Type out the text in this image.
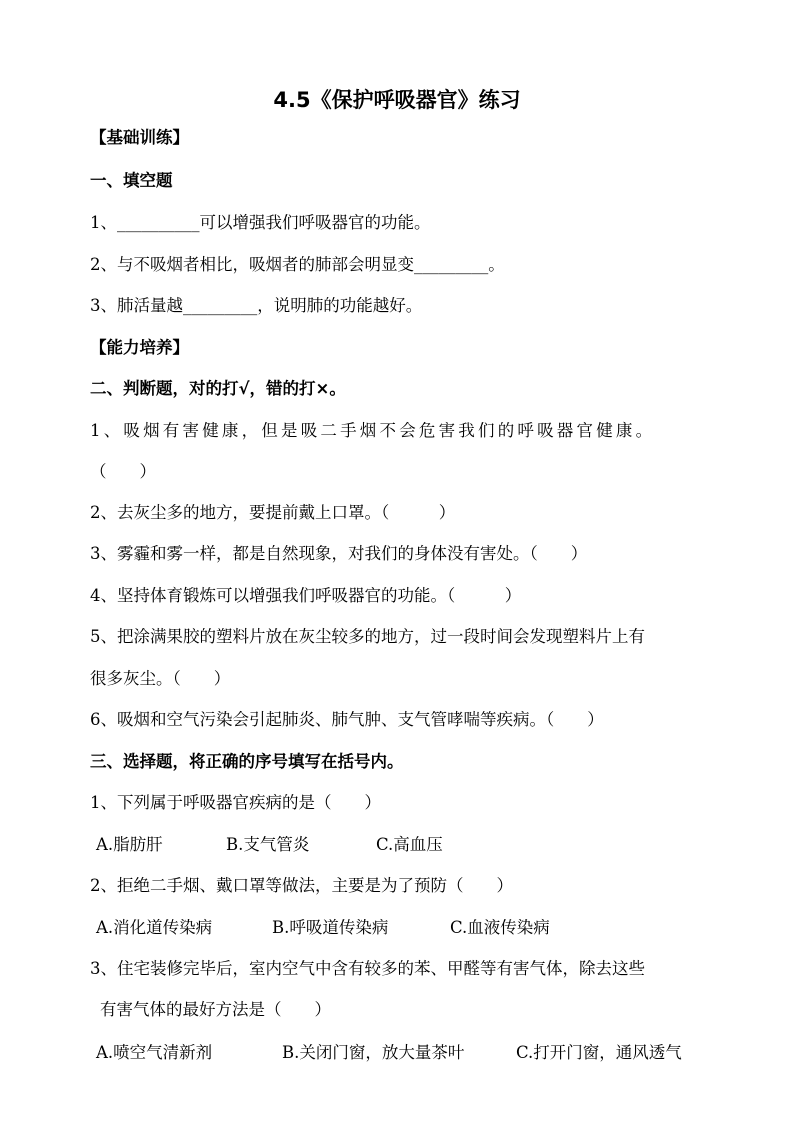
4.5《保护呼吸器官》练习
【基础训练】
一、填空题
1、__________可以增强我们呼吸器官的功能。
2、与不吸烟者相比，吸烟者的肺部会明显变_________。
3、肺活量越_________，说明肺的功能越好。
【能力培养】
二、判断题，对的打√，错的打×。
1、吸烟有害健康，但是吸二手烟不会危害我们的呼吸器官健康。
（　　）
2、去灰尘多的地方，要提前戴上口罩。（　　　）
3、雾霾和雾一样，都是自然现象，对我们的身体没有害处。（　　）
4、坚持体育锻炼可以增强我们呼吸器官的功能。（　　　）
5、把涂满果胶的塑料片放在灰尘较多的地方，过一段时间会发现塑料片上有
很多灰尘。（　　）
6、吸烟和空气污染会引起肺炎、肺气肿、支气管哮喘等疾病。（　　）
三、选择题，将正确的序号填写在括号内。
1、下列属于呼吸器官疾病的是（　　）
A.脂肪肝	B.支气管炎	C.高血压
2、拒绝二手烟、戴口罩等做法，主要是为了预防（　　）
A.消化道传染病	B.呼吸道传染病	C.血液传染病
3、住宅装修完毕后，室内空气中含有较多的苯、甲醛等有害气体，除去这些
有害气体的最好方法是（　　）
A.喷空气清新剂	B.关闭门窗，放大量茶叶	C.打开门窗，通风透气
